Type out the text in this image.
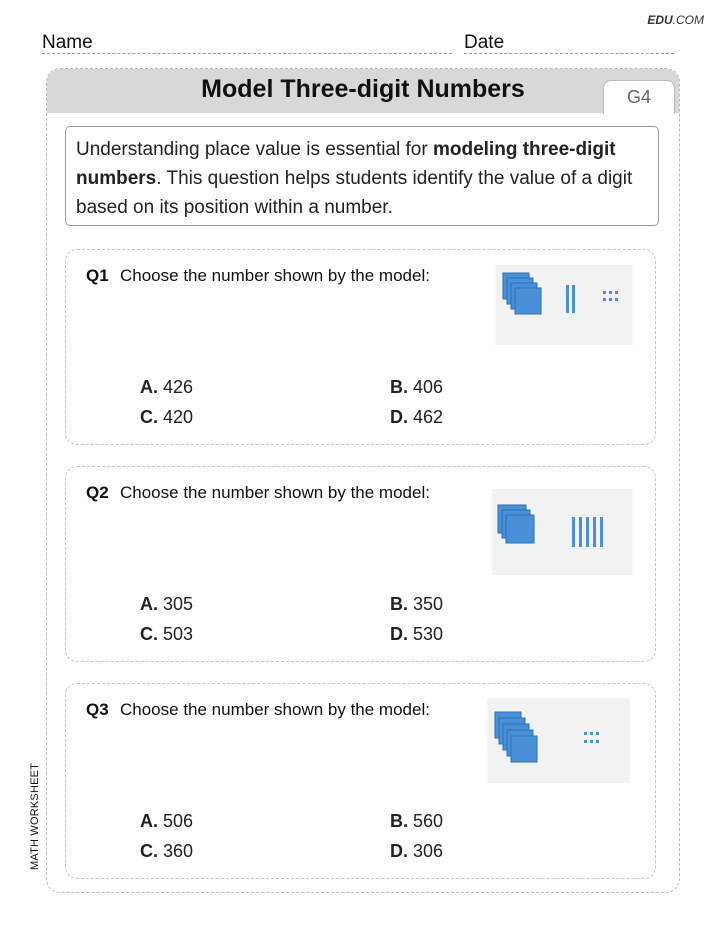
EDU.COM
Name	Date
MATH WORKSHEET
Model Three-digit Numbers	G4
Understanding place value is essential for modeling three-digit numbers. This question helps students identify the value of a digit based on its position within a number.
Q1 Choose the number shown by the model:
A. 426	B. 406
C. 420	D. 462
Q2 Choose the number shown by the model:
A. 305	B. 350
C. 503	D. 530
Q3 Choose the number shown by the model:
A. 506	B. 560
C. 360	D. 306
